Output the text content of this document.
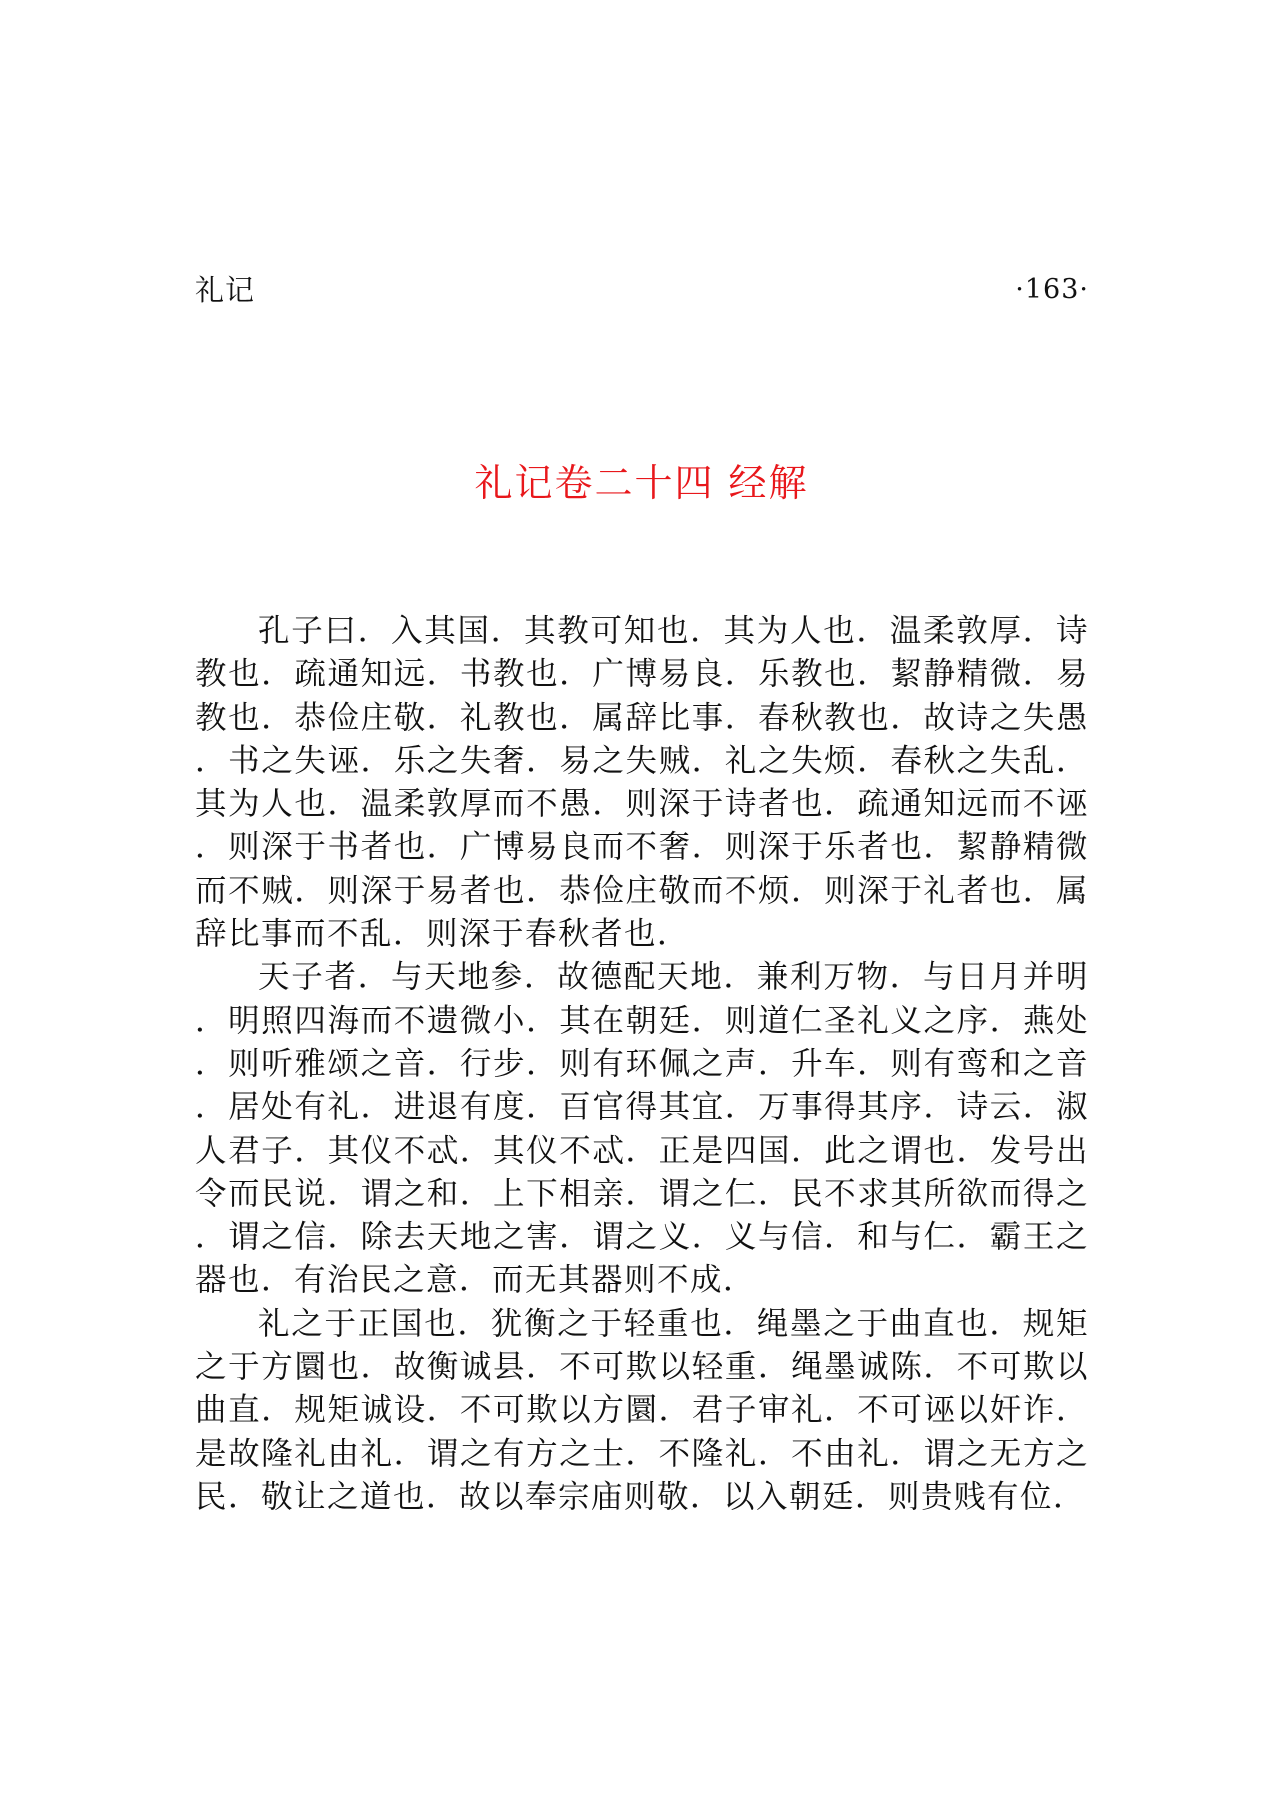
礼记	·163·
礼记卷二十四 经解

孔子曰．入其国．其教可知也．其为人也．温柔敦厚．诗教也．疏通知远．书教也．广博易良．乐教也．絜静精微．易教也．恭俭庄敬．礼教也．属辞比事．春秋教也．故诗之失愚．书之失诬．乐之失奢．易之失贼．礼之失烦．春秋之失乱．其为人也．温柔敦厚而不愚．则深于诗者也．疏通知远而不诬．则深于书者也．广博易良而不奢．则深于乐者也．絜静精微而不贼．则深于易者也．恭俭庄敬而不烦．则深于礼者也．属辞比事而不乱．则深于春秋者也．

天子者．与天地参．故德配天地．兼利万物．与日月并明．明照四海而不遗微小．其在朝廷．则道仁圣礼义之序．燕处．则听雅颂之音．行步．则有环佩之声．升车．则有鸾和之音．居处有礼．进退有度．百官得其宜．万事得其序．诗云．淑人君子．其仪不忒．其仪不忒．正是四国．此之谓也．发号出令而民说．谓之和．上下相亲．谓之仁．民不求其所欲而得之．谓之信．除去天地之害．谓之义．义与信．和与仁．霸王之器也．有治民之意．而无其器则不成．

礼之于正国也．犹衡之于轻重也．绳墨之于曲直也．规矩之于方圜也．故衡诚县．不可欺以轻重．绳墨诚陈．不可欺以曲直．规矩诚设．不可欺以方圜．君子审礼．不可诬以奸诈．是故隆礼由礼．谓之有方之士．不隆礼．不由礼．谓之无方之民．敬让之道也．故以奉宗庙则敬．以入朝廷．则贵贱有位．
